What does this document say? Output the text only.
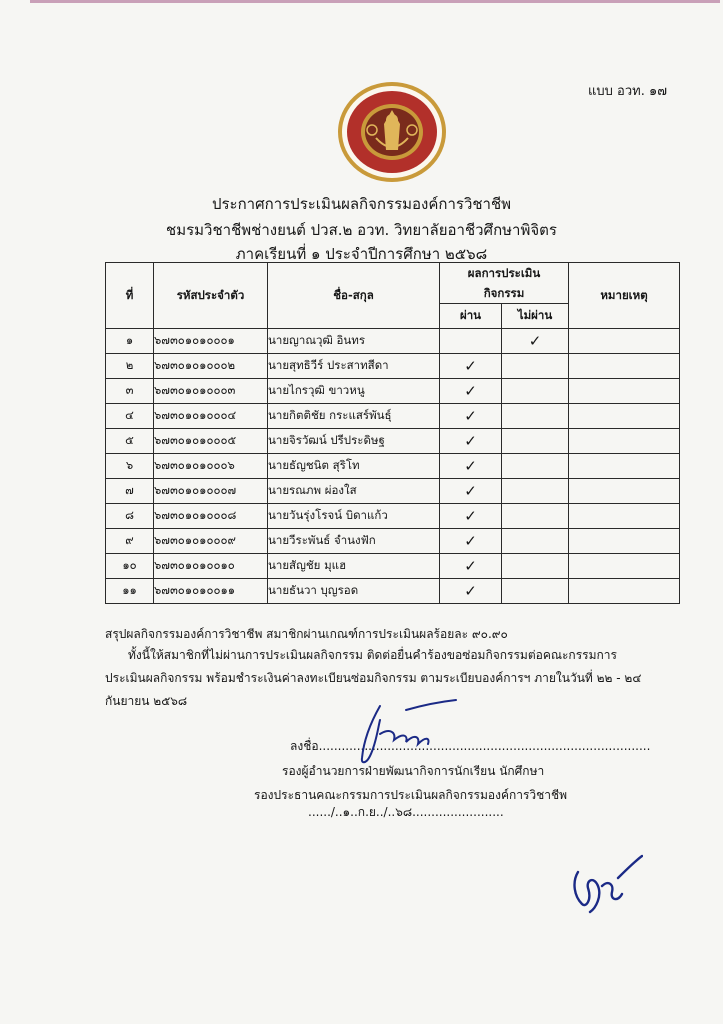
แบบ อวท. ๑๗
ประกาศการประเมินผลกิจกรรมองค์การวิชาชีพ
ชมรมวิชาชีพช่างยนต์ ปวส.๒ อวท. วิทยาลัยอาชีวศึกษาพิจิตร
ภาคเรียนที่ ๑ ประจำปีการศึกษา ๒๕๖๘
ที่	รหัสประจำตัว	ชื่อ-สกุล	ผลการประเมิน กิจกรรม		หมายเหตุ
			ผ่าน	ไม่ผ่าน	
๑	๖๗๓๐๑๐๑๐๐๐๑	นายญาณวุฒิ อินทร		✓	
๒	๖๗๓๐๑๐๑๐๐๐๒	นายสุทธิวีร์ ประสาทสีดา	✓		
๓	๖๗๓๐๑๐๑๐๐๐๓	นายไกรวุฒิ ขาวหนู	✓		
๔	๖๗๓๐๑๐๑๐๐๐๔	นายกิตติชัย กระแสร์พันธุ์	✓		
๕	๖๗๓๐๑๐๑๐๐๐๕	นายจิรวัฒน์ ปรีประดิษฐ	✓		
๖	๖๗๓๐๑๐๑๐๐๐๖	นายธัญชนิต สุริโท	✓		
๗	๖๗๓๐๑๐๑๐๐๐๗	นายรณภพ ผ่องใส	✓		
๘	๖๗๓๐๑๐๑๐๐๐๘	นายวันรุ่งโรจน์ บิดาแก้ว	✓		
๙	๖๗๓๐๑๐๑๐๐๐๙	นายวีระพันธ์ จำนงฟัก	✓		
๑๐	๖๗๓๐๑๐๑๐๐๑๐	นายสัญชัย มุแฮ	✓		
๑๑	๖๗๓๐๑๐๑๐๐๑๑	นายธันวา บุญรอด	✓		
สรุปผลกิจกรรมองค์การวิชาชีพ สมาชิกผ่านเกณฑ์การประเมินผลร้อยละ ๙๐.๙๐
ทั้งนี้ให้สมาชิกที่ไม่ผ่านการประเมินผลกิจกรรม ติดต่อยื่นคำร้องขอซ่อมกิจกรรมต่อคณะกรรมการ
ประเมินผลกิจกรรม พร้อมชำระเงินค่าลงทะเบียนซ่อมกิจกรรม ตามระเบียบองค์การฯ ภายในวันที่ ๒๒ - ๒๔
กันยายน ๒๕๖๘
ลงชื่อ.......................................................................................
รองผู้อำนวยการฝ่ายพัฒนากิจการนักเรียน นักศึกษา
รองประธานคณะกรรมการประเมินผลกิจกรรมองค์การวิชาชีพ
....../..๑..ก.ย../..๖๘........................
